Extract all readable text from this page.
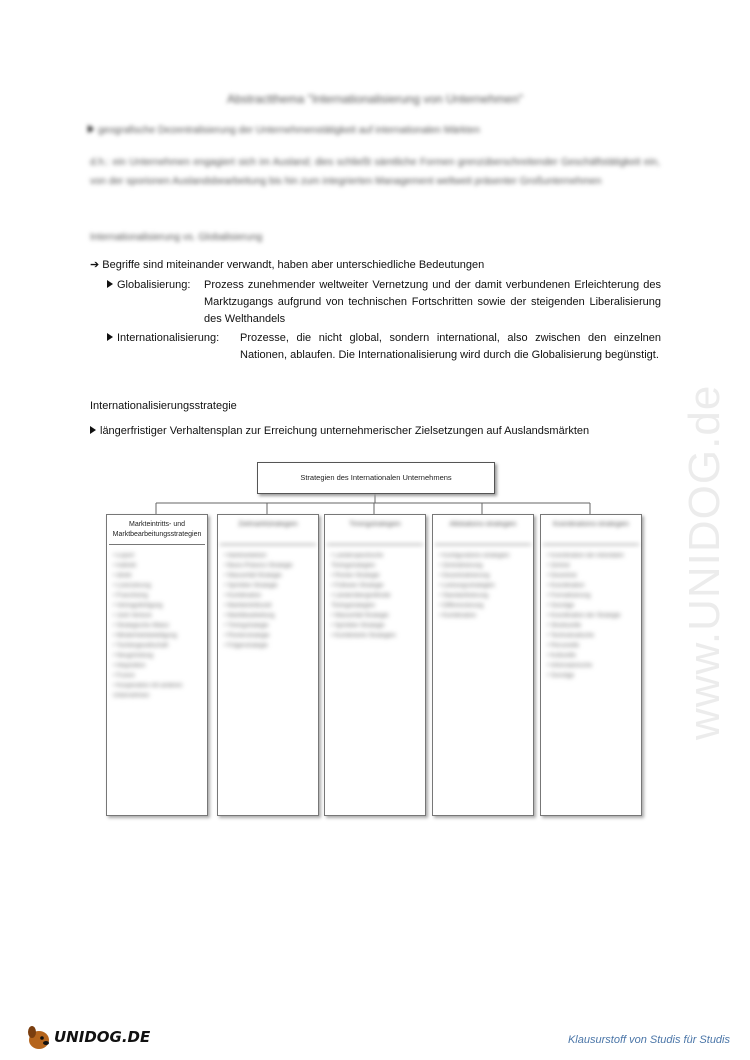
Abstractthema "Internationalisierung von Unternehmen"
geografische Dezentralisierung der Unternehmenstätigkeit auf internationalen Märkten
d.h.: ein Unternehmen engagiert sich im Ausland; dies schließt sämtliche Formen grenzüberschreitender Geschäftstätigkeit ein, von der sporionen Auslandsbearbeitung bis hin zum integrierten Management weltweit präsenter Großunternehmen
Internationalisierung vs. Globalisierung
➔ Begriffe sind miteinander verwandt, haben aber unterschiedliche Bedeutungen
Globalisierung: Prozess zunehmender weltweiter Vernetzung und der damit verbundenen Erleichterung des Marktzugangs aufgrund von technischen Fortschritten sowie der steigenden Liberalisierung des Welthandels
Internationalisierung: Prozesse, die nicht global, sondern international, also zwischen den einzelnen Nationen, ablaufen. Die Internationalisierung wird durch die Globalisierung begünstigt.
Internationalisierungsstrategie
längerfristiger Verhaltensplan zur Erreichung unternehmerischer Zielsetzungen auf Auslandsmärkten
Strategien des Internationalen Unternehmens
Markteintritts- und Marktbearbeitungsstrategien
• Export
• indirekt
• direkt
• Lizenzierung
• Franchising
• Vertragsfertigung
• Joint Venture
• Strategische Allianz
• Minderheitsbeteiligung
• Tochtergesellschaft
• Neugründung
• Akquisition
• Fusion
• Kooperation mit anderen Unternehmen
Zielmarktstrategien
• Marktselektion
• Basis-Präsenz-Strategie
• Wasserfall-Strategie
• Sprinkler-Strategie
• Kombination
• Markteintrittszeit
• Marktbearbeitung
• Timingstrategie
• Pionierstrategie
• Folgerstrategie
Timingstrategien
• Länderspezifische Timingstrategien
• Pionier-Strategie
• Follower-Strategie
• Länderübergreifende Timingstrategien
• Wasserfall-Strategie
• Sprinkler-Strategie
• Kombinierte Strategien
Allokations-strategien
• Konfigurations-strategien
• Zentralisierung
• Dezentralisierung
• Leistungsstrategien
• Standardisierung
• Differenzierung
• Kombination
Koordinations-strategien
• Koordination der Aktivitäten
• Zentral
• Dezentral
• Koordination
• Formalisierung
• Sonstige
• Koordination der Strategie
• Strukturelle
• Technokratische
• Personelle
• Kulturelle
• Informatorische
• Sonstige	www.UNIDOG.de
UNIDOG.DE	Klausurstoff von Studis für Studis
